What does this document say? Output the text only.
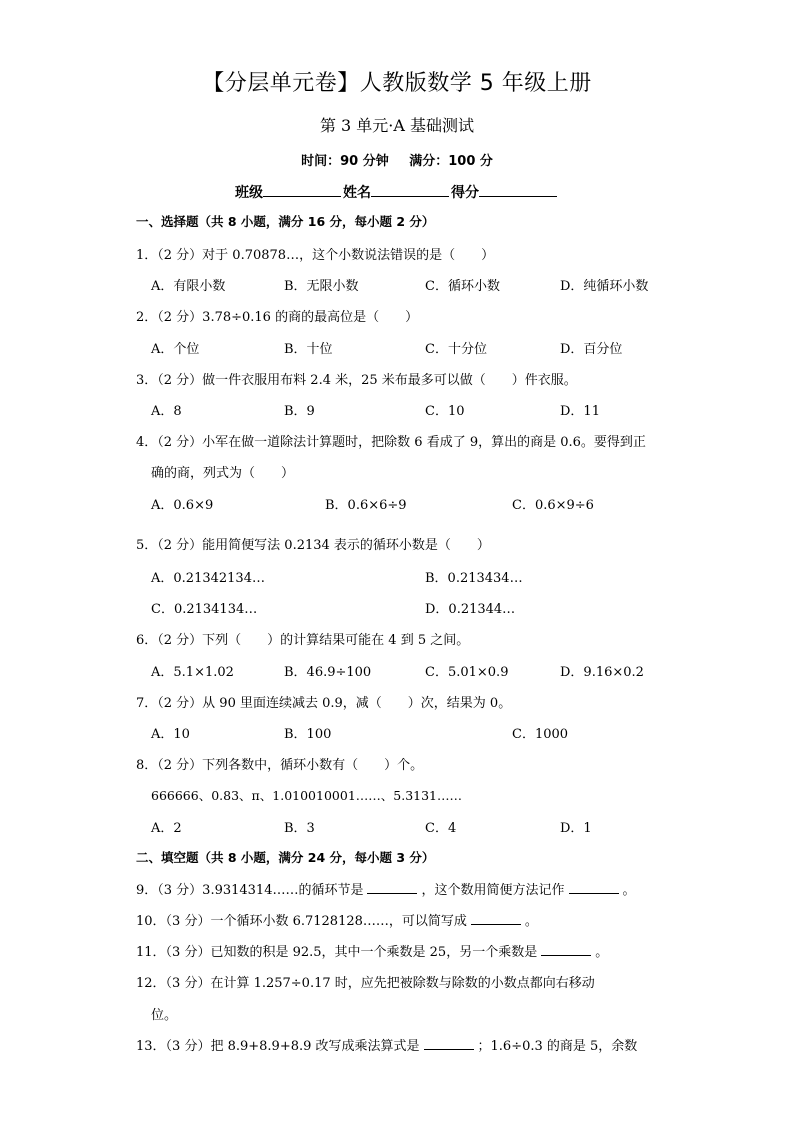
【分层单元卷】人教版数学 5 年级上册
第 3 单元·A 基础测试
时间：90 分钟 满分：100 分
班级	姓名	得分
一、选择题（共 8 小题，满分 16 分，每小题 2 分）
1．（2 分）对于 0.70878…，这个小数说法错误的是（　　）
A．有限小数	B．无限小数	C．循环小数	D．纯循环小数
2．（2 分）3.78÷0.16 的商的最高位是（　　）
A．个位	B．十位	C．十分位	D．百分位
3．（2 分）做一件衣服用布料 2.4 米，25 米布最多可以做（　　）件衣服。
A．8	B．9	C．10	D．11
4．（2 分）小军在做一道除法计算题时，把除数 6 看成了 9，算出的商是 0.6。要得到正
确的商，列式为（　　）
A．0.6×9	B．0.6×6÷9	C．0.6×9÷6
5．（2 分）能用简便写法 0.2134 表示的循环小数是（　　）
A．0.21342134…	B．0.213434…
C．0.2134134…	D．0.21344…
6．（2 分）下列（　　）的计算结果可能在 4 到 5 之间。
A．5.1×1.02	B．46.9÷100	C．5.01×0.9	D．9.16×0.2
7．（2 分）从 90 里面连续减去 0.9，减（　　）次，结果为 0。
A．10	B．100	C．1000
8．（2 分）下列各数中，循环小数有（　　）个。
666666、0.83、π、1.010010001……、5.3131……
A．2	B．3	C．4	D．1
二、填空题（共 8 小题，满分 24 分，每小题 3 分）
9．（3 分）3.9314314……的循环节是	，这个数用简便方法记作	。
10．（3 分）一个循环小数 6.7128128……，可以简写成	。
11．（3 分）已知数的积是 92.5，其中一个乘数是 25，另一个乘数是	。
12．（3 分）在计算 1.257÷0.17 时，应先把被除数与除数的小数点都向右移动
位。
13．（3 分）把 8.9+8.9+8.9 改写成乘法算式是	；1.6÷0.3 的商是 5，余数
